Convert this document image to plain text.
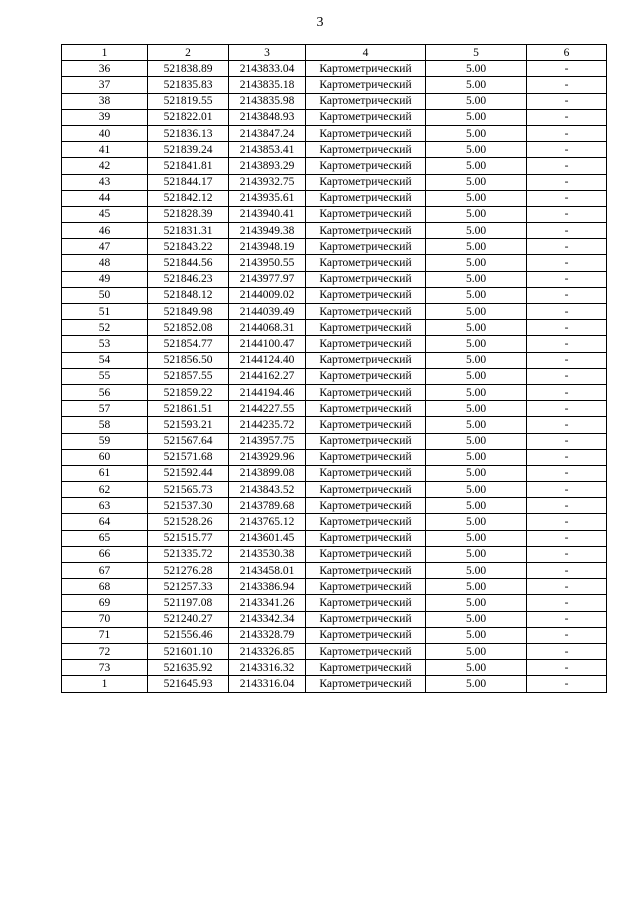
3
1	2	3	4	5	6
36	521838.89	2143833.04	Картометрический	5.00	-
37	521835.83	2143835.18	Картометрический	5.00	-
38	521819.55	2143835.98	Картометрический	5.00	-
39	521822.01	2143848.93	Картометрический	5.00	-
40	521836.13	2143847.24	Картометрический	5.00	-
41	521839.24	2143853.41	Картометрический	5.00	-
42	521841.81	2143893.29	Картометрический	5.00	-
43	521844.17	2143932.75	Картометрический	5.00	-
44	521842.12	2143935.61	Картометрический	5.00	-
45	521828.39	2143940.41	Картометрический	5.00	-
46	521831.31	2143949.38	Картометрический	5.00	-
47	521843.22	2143948.19	Картометрический	5.00	-
48	521844.56	2143950.55	Картометрический	5.00	-
49	521846.23	2143977.97	Картометрический	5.00	-
50	521848.12	2144009.02	Картометрический	5.00	-
51	521849.98	2144039.49	Картометрический	5.00	-
52	521852.08	2144068.31	Картометрический	5.00	-
53	521854.77	2144100.47	Картометрический	5.00	-
54	521856.50	2144124.40	Картометрический	5.00	-
55	521857.55	2144162.27	Картометрический	5.00	-
56	521859.22	2144194.46	Картометрический	5.00	-
57	521861.51	2144227.55	Картометрический	5.00	-
58	521593.21	2144235.72	Картометрический	5.00	-
59	521567.64	2143957.75	Картометрический	5.00	-
60	521571.68	2143929.96	Картометрический	5.00	-
61	521592.44	2143899.08	Картометрический	5.00	-
62	521565.73	2143843.52	Картометрический	5.00	-
63	521537.30	2143789.68	Картометрический	5.00	-
64	521528.26	2143765.12	Картометрический	5.00	-
65	521515.77	2143601.45	Картометрический	5.00	-
66	521335.72	2143530.38	Картометрический	5.00	-
67	521276.28	2143458.01	Картометрический	5.00	-
68	521257.33	2143386.94	Картометрический	5.00	-
69	521197.08	2143341.26	Картометрический	5.00	-
70	521240.27	2143342.34	Картометрический	5.00	-
71	521556.46	2143328.79	Картометрический	5.00	-
72	521601.10	2143326.85	Картометрический	5.00	-
73	521635.92	2143316.32	Картометрический	5.00	-
1	521645.93	2143316.04	Картометрический	5.00	-
